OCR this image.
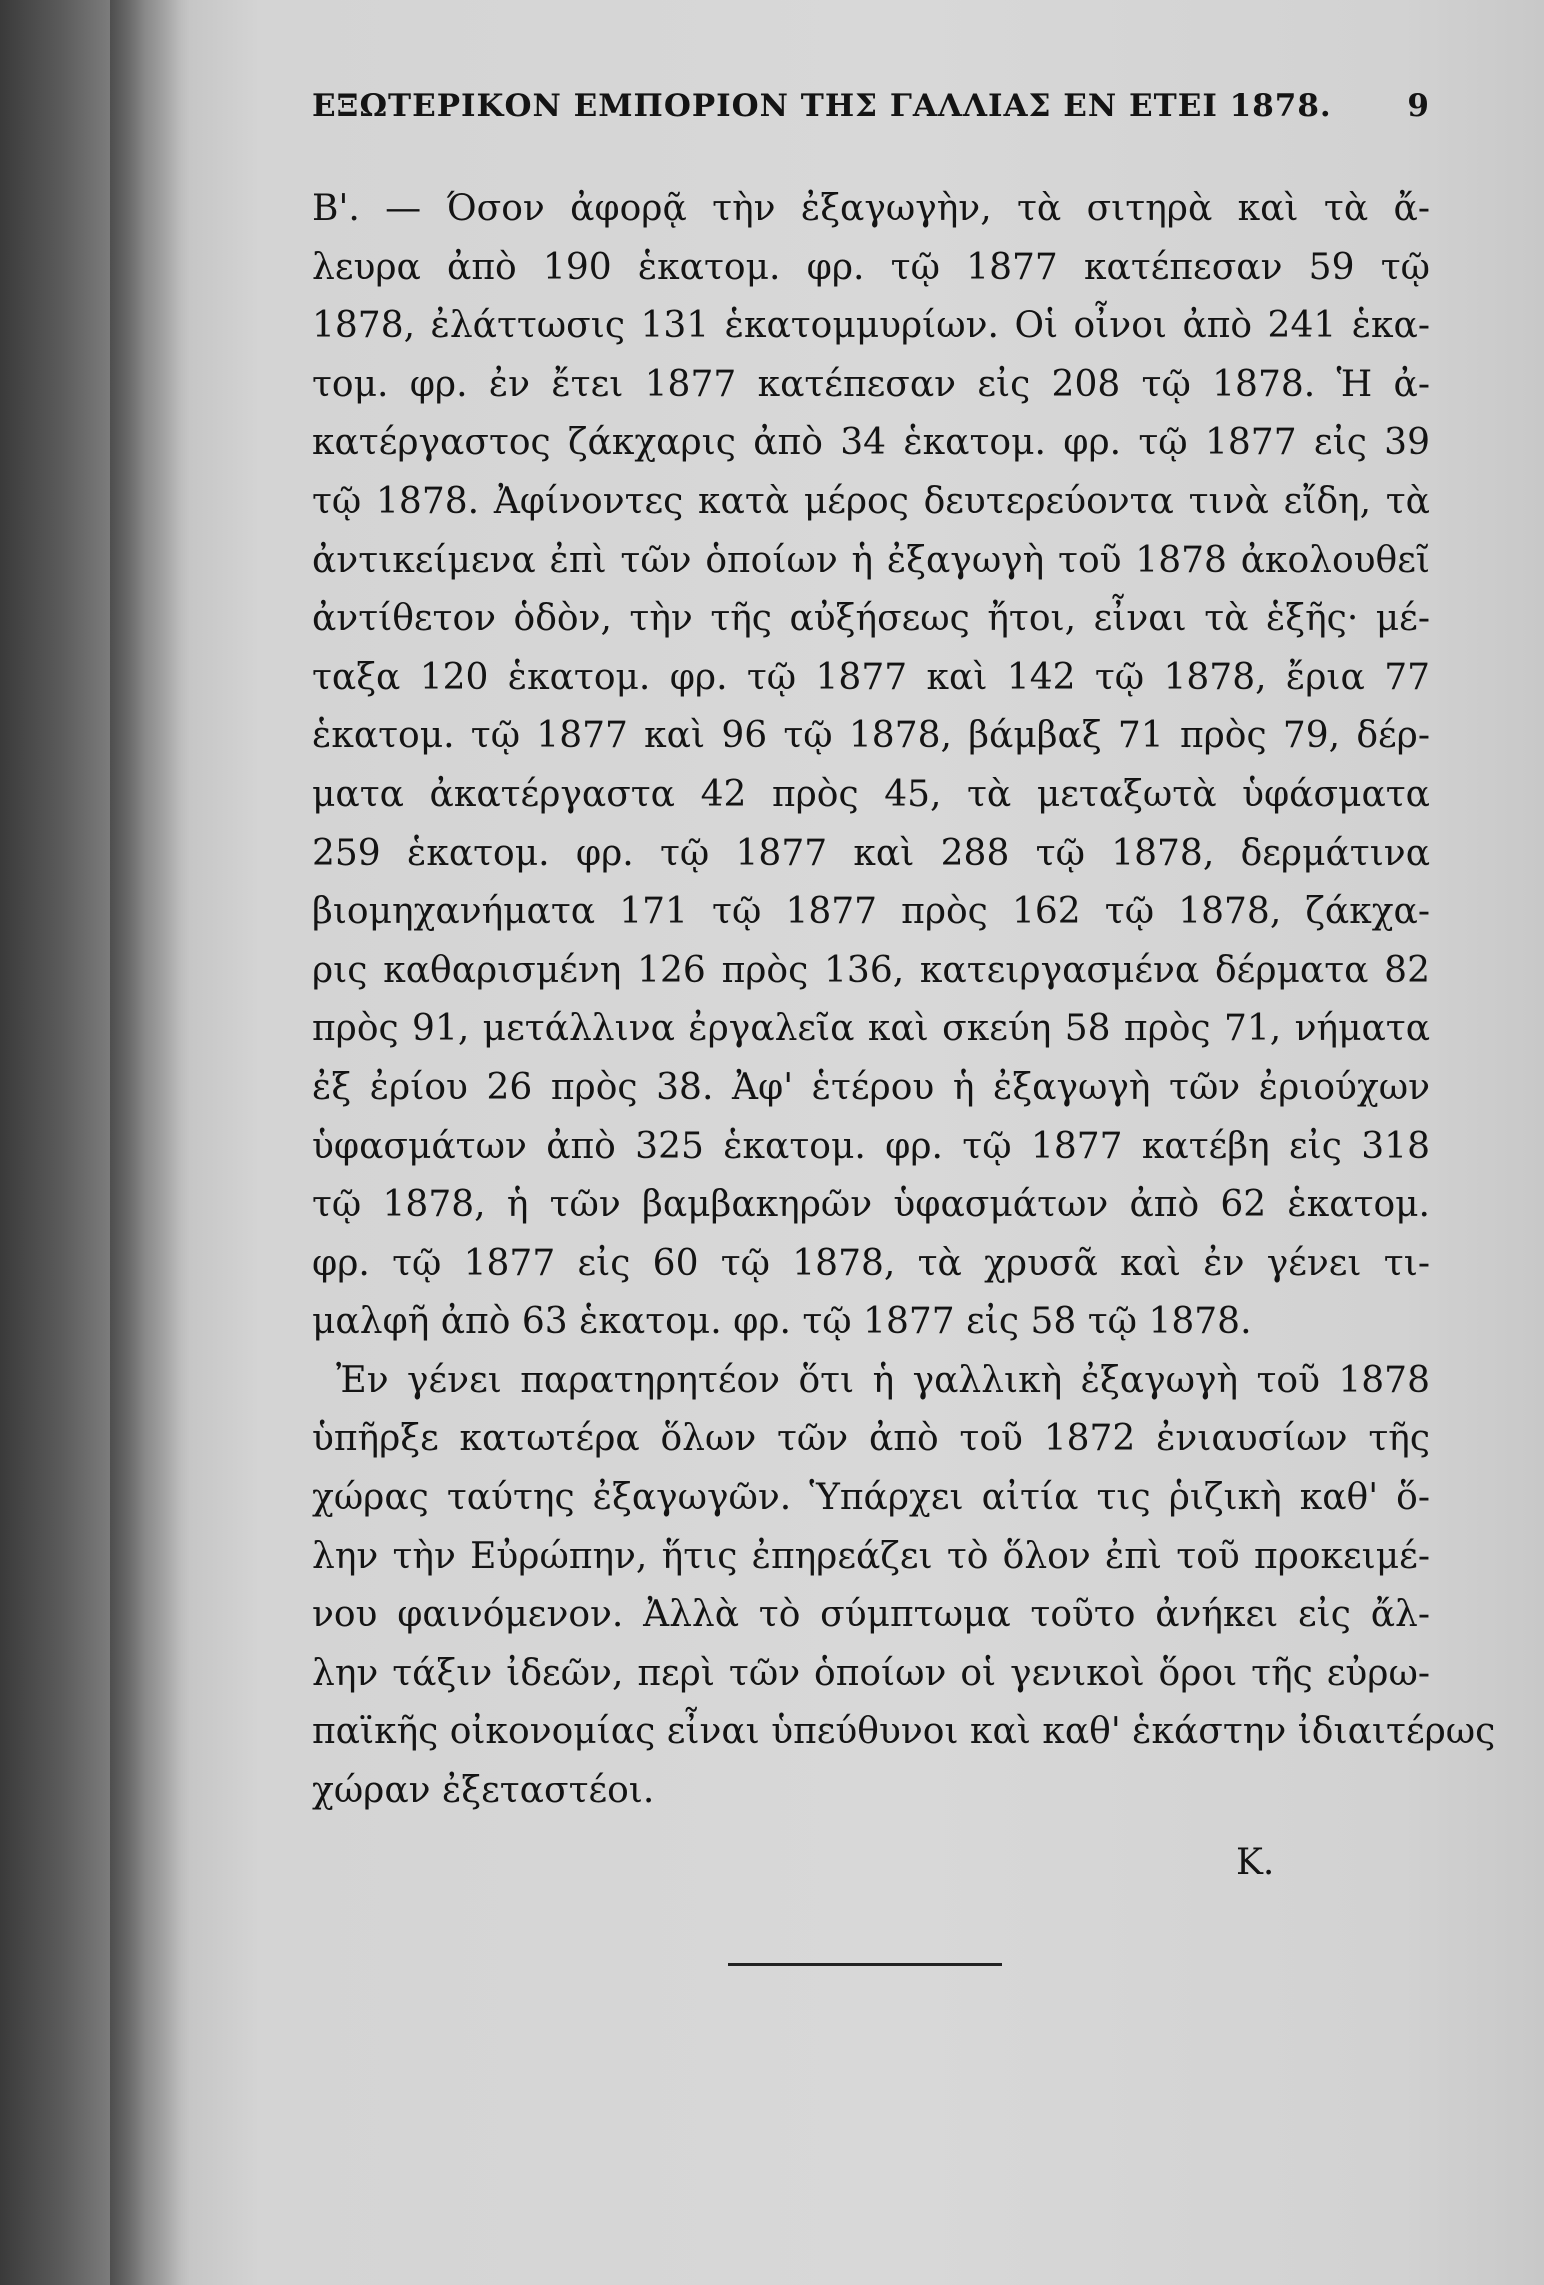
ΕΞΩΤΕΡΙΚΟΝ ΕΜΠΟΡΙΟΝ ΤΗΣ ΓΑΛΛΙΑΣ ΕΝ ΕΤΕΙ 1878. 9
Β'. — Όσον ἀφορᾷ τὴν ἐξαγωγὴν, τὰ σιτηρὰ καὶ τὰ ἄ-
λευρα ἀπὸ 190 ἑκατομ. φρ. τῷ 1877 κατέπεσαν 59 τῷ
1878, ἐλάττωσις 131 ἑκατομμυρίων. Οἱ οἶνοι ἀπὸ 241 ἑκα-
τομ. φρ. ἐν ἔτει 1877 κατέπεσαν εἰς 208 τῷ 1878. Ἡ ἀ-
κατέργαστος ζάκχαρις ἀπὸ 34 ἑκατομ. φρ. τῷ 1877 εἰς 39
τῷ 1878. Ἀφίνοντες κατὰ μέρος δευτερεύοντα τινὰ εἴδη, τὰ
ἀντικείμενα ἐπὶ τῶν ὁποίων ἡ ἐξαγωγὴ τοῦ 1878 ἀκολουθεῖ
ἀντίθετον ὁδὸν, τὴν τῆς αὐξήσεως ἤτοι, εἶναι τὰ ἑξῆς· μέ-
ταξα 120 ἑκατομ. φρ. τῷ 1877 καὶ 142 τῷ 1878, ἔρια 77
ἑκατομ. τῷ 1877 καὶ 96 τῷ 1878, βάμβαξ 71 πρὸς 79, δέρ-
ματα ἀκατέργαστα 42 πρὸς 45, τὰ μεταξωτὰ ὑφάσματα
259 ἑκατομ. φρ. τῷ 1877 καὶ 288 τῷ 1878, δερμάτινα
βιομηχανήματα 171 τῷ 1877 πρὸς 162 τῷ 1878, ζάκχα-
ρις καθαρισμένη 126 πρὸς 136, κατειργασμένα δέρματα 82
πρὸς 91, μετάλλινα ἐργαλεῖα καὶ σκεύη 58 πρὸς 71, νήματα
ἐξ ἐρίου 26 πρὸς 38. Ἀφ' ἑτέρου ἡ ἐξαγωγὴ τῶν ἐριούχων
ὑφασμάτων ἀπὸ 325 ἑκατομ. φρ. τῷ 1877 κατέβη εἰς 318
τῷ 1878, ἡ τῶν βαμβακηρῶν ὑφασμάτων ἀπὸ 62 ἑκατομ.
φρ. τῷ 1877 εἰς 60 τῷ 1878, τὰ χρυσᾶ καὶ ἐν γένει τι-
μαλφῆ ἀπὸ 63 ἑκατομ. φρ. τῷ 1877 εἰς 58 τῷ 1878.
Ἐν γένει παρατηρητέον ὅτι ἡ γαλλικὴ ἐξαγωγὴ τοῦ 1878
ὑπῆρξε κατωτέρα ὅλων τῶν ἀπὸ τοῦ 1872 ἐνιαυσίων τῆς
χώρας ταύτης ἐξαγωγῶν. Ὑπάρχει αἰτία τις ῥιζικὴ καθ' ὅ-
λην τὴν Εὐρώπην, ἥτις ἐπηρεάζει τὸ ὅλον ἐπὶ τοῦ προκειμέ-
νου φαινόμενον. Ἀλλὰ τὸ σύμπτωμα τοῦτο ἀνήκει εἰς ἄλ-
λην τάξιν ἰδεῶν, περὶ τῶν ὁποίων οἱ γενικοὶ ὅροι τῆς εὐρω-
παϊκῆς οἰκονομίας εἶναι ὑπεύθυνοι καὶ καθ' ἑκάστην ἰδιαιτέρως
χώραν ἐξεταστέοι.
Κ.
